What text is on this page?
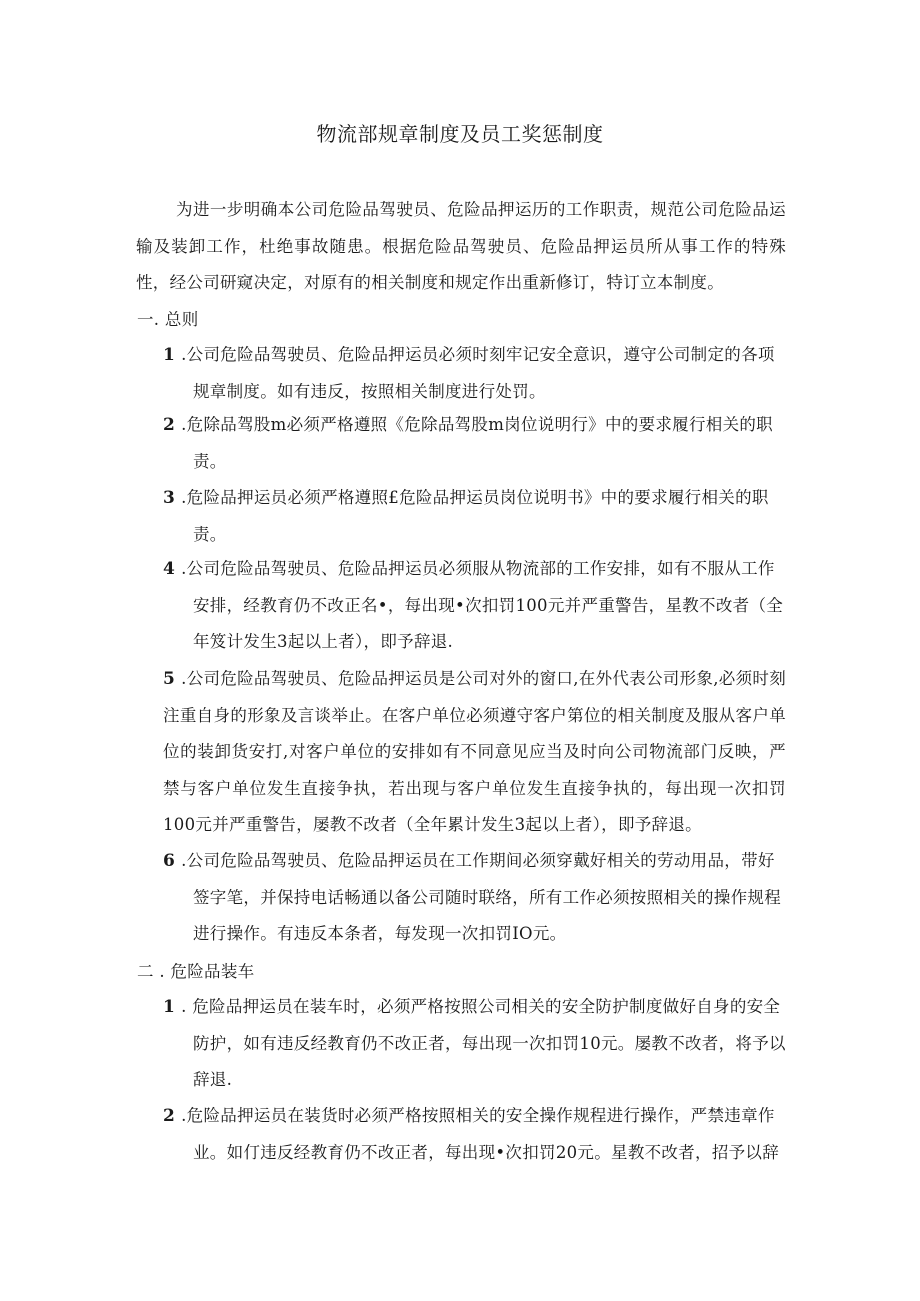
物流部规章制度及员工奖惩制度
为进一步明确本公司危险品驾驶员、危险品押运历的工作职责，规范公司危险品运输及装卸工作，杜绝事故随患。根据危险品驾驶员、危险品押运员所从事工作的特殊性，经公司研窥决定，对原有的相关制度和规定作出重新修订，特订立本制度。
一. 总则
1 .公司危险品驾驶员、危险品押运员必须时刻牢记安全意识，遵守公司制定的各项
规章制度。如有违反，按照相关制度进行处罚。
2 .危除品驾股m必须严格遵照《危除品驾股m岗位说明行》中的要求履行相关的职
责。
3 .危险品押运员必须严格遵照£危险品押运员岗位说明书》中的要求履行相关的职
责。
4 .公司危险品驾驶员、危险品押运员必须服从物流部的工作安排，如有不服从工作
安排，经教育仍不改正名•，每出现•次扣罚100元并严重警告，星教不改者（全年笈计发生3起以上者），即予辞退.
5 .公司危险品驾驶员、危险品押运员是公司对外的窗口,在外代表公司形象,必须时刻注重自身的形象及言谈举止。在客户单位必须遵守客户第位的相关制度及服从客户单位的装卸货安打,对客户单位的安排如有不同意见应当及时向公司物流部门反映，严禁与客户单位发生直接争执，若出现与客户单位发生直接争执的，每出现一次扣罚100元并严重警告，屡教不改者（全年累计发生3起以上者），即予辞退。
6 .公司危险品驾驶员、危险品押运员在工作期间必须穿戴好相关的劳动用品，带好
签字笔，并保持电话畅通以备公司随时联络，所有工作必须按照相关的操作规程进行操作。有违反本条者，每发现一次扣罚IO元。
二 . 危险品装车
1 . 危险品押运员在装车时，必须严格按照公司相关的安全防护制度做好自身的安全
防护，如有违反经教育仍不改正者，每出现一次扣罚10元。屡教不改者，将予以辞退.
2 .危险品押运员在装货时必须严格按照相关的安全操作规程进行操作，严禁违章作
业。如仃违反经教育仍不改正者，每出现•次扣罚20元。星教不改者，招予以辞
